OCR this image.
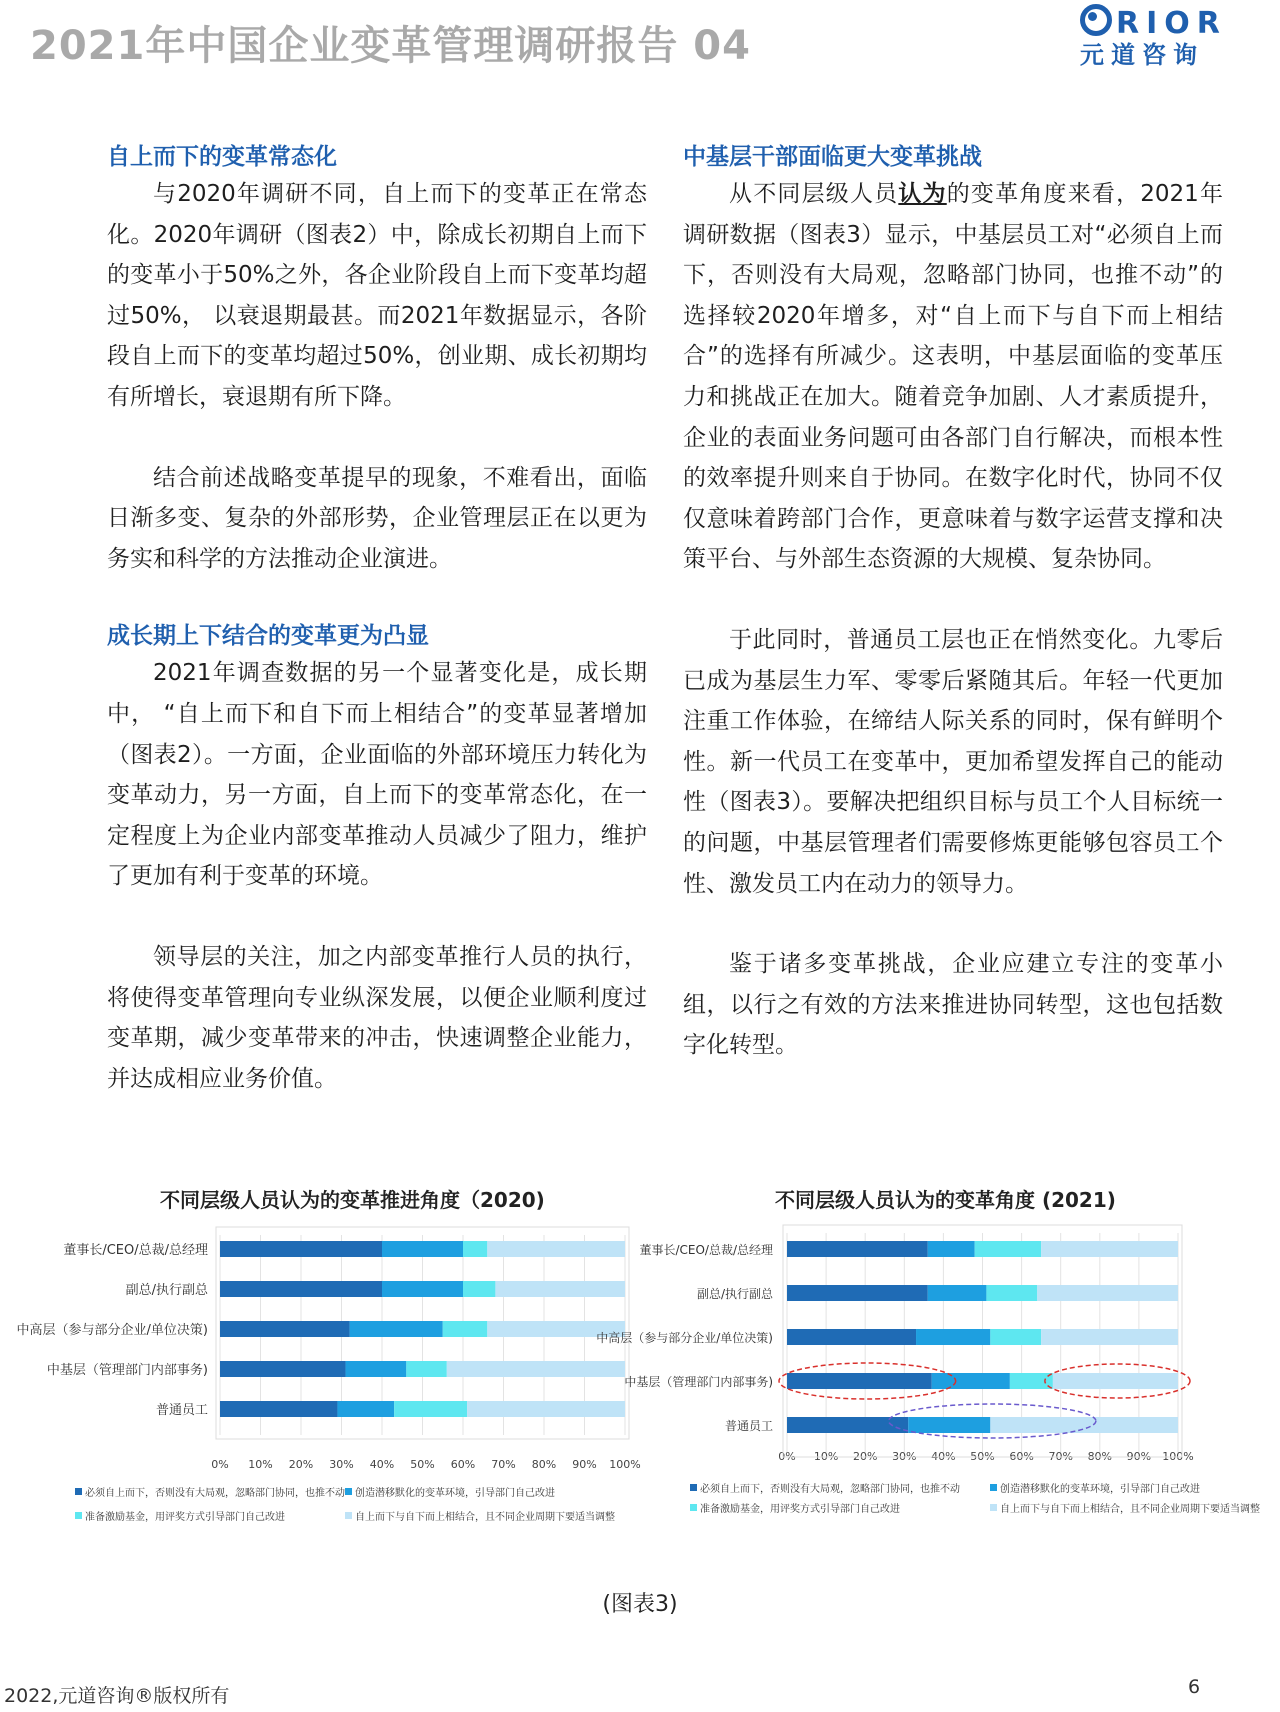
2021年中国企业变革管理调研报告 04	RIOR
元道咨询
自上而下的变革常态化

与2020年调研不同，自上而下的变革正在常态化。2020年调研（图表2）中，除成长初期自上而下的变革小于50%之外，各企业阶段自上而下变革均超过50%， 以衰退期最甚。而2021年数据显示，各阶段自上而下的变革均超过50%，创业期、成长初期均有所增长，衰退期有所下降。

结合前述战略变革提早的现象，不难看出，面临日渐多变、复杂的外部形势，企业管理层正在以更为务实和科学的方法推动企业演进。

成长期上下结合的变革更为凸显

2021年调查数据的另一个显著变化是，成长期中， “自上而下和自下而上相结合”的变革显著增加（图表2）。一方面，企业面临的外部环境压力转化为变革动力，另一方面，自上而下的变革常态化，在一定程度上为企业内部变革推动人员减少了阻力，维护了更加有利于变革的环境。

领导层的关注，加之内部变革推行人员的执行，将使得变革管理向专业纵深发展，以便企业顺利度过变革期，减少变革带来的冲击，快速调整企业能力，并达成相应业务价值。

中基层干部面临更大变革挑战

从不同层级人员认为的变革角度来看，2021年调研数据（图表3）显示，中基层员工对“必须自上而下，否则没有大局观，忽略部门协同，也推不动”的选择较2020年增多，对“自上而下与自下而上相结合”的选择有所减少。这表明，中基层面临的变革压力和挑战正在加大。随着竞争加剧、人才素质提升，企业的表面业务问题可由各部门自行解决，而根本性的效率提升则来自于协同。在数字化时代，协同不仅仅意味着跨部门合作，更意味着与数字运营支撑和决策平台、与外部生态资源的大规模、复杂协同。

于此同时，普通员工层也正在悄然变化。九零后已成为基层生力军、零零后紧随其后。年轻一代更加注重工作体验，在缔结人际关系的同时，保有鲜明个性。新一代员工在变革中，更加希望发挥自己的能动性（图表3）。要解决把组织目标与员工个人目标统一的问题，中基层管理者们需要修炼更能够包容员工个性、激发员工内在动力的领导力。

鉴于诸多变革挑战，企业应建立专注的变革小组，以行之有效的方法来推进协同转型，这也包括数字化转型。

不同层级人员认为的变革推进角度（2020)
0% 10% 20% 30% 40% 50% 60% 70% 80% 90% 100%
董事长/CEO/总裁/总经理
副总/执行副总
中高层（参与部分企业/单位决策)
中基层（管理部门内部事务)
普通员工
必须自上而下，否则没有大局观，忽略部门协同，也推不动 创造潜移默化的变革环境，引导部门自己改进
准备激励基金，用评奖方式引导部门自己改进	自上而下与自下而上相结合，且不同企业周期下要适当调整
不同层级人员认为的变革角度 (2021)
0% 10% 20% 30% 40% 50% 60% 70% 80% 90% 100%
董事长/CEO/总裁/总经理
副总/执行副总
中高层（参与部分企业/单位决策)
中基层（管理部门内部事务)
普通员工
必须自上而下，否则没有大局观，忽略部门协同，也推不动	创造潜移默化的变革环境，引导部门自己改进
准备激励基金，用评奖方式引导部门自己改进	自上而下与自下而上相结合，且不同企业周期下要适当调整
(图表3)
2022,元道咨询®版权所有	6
